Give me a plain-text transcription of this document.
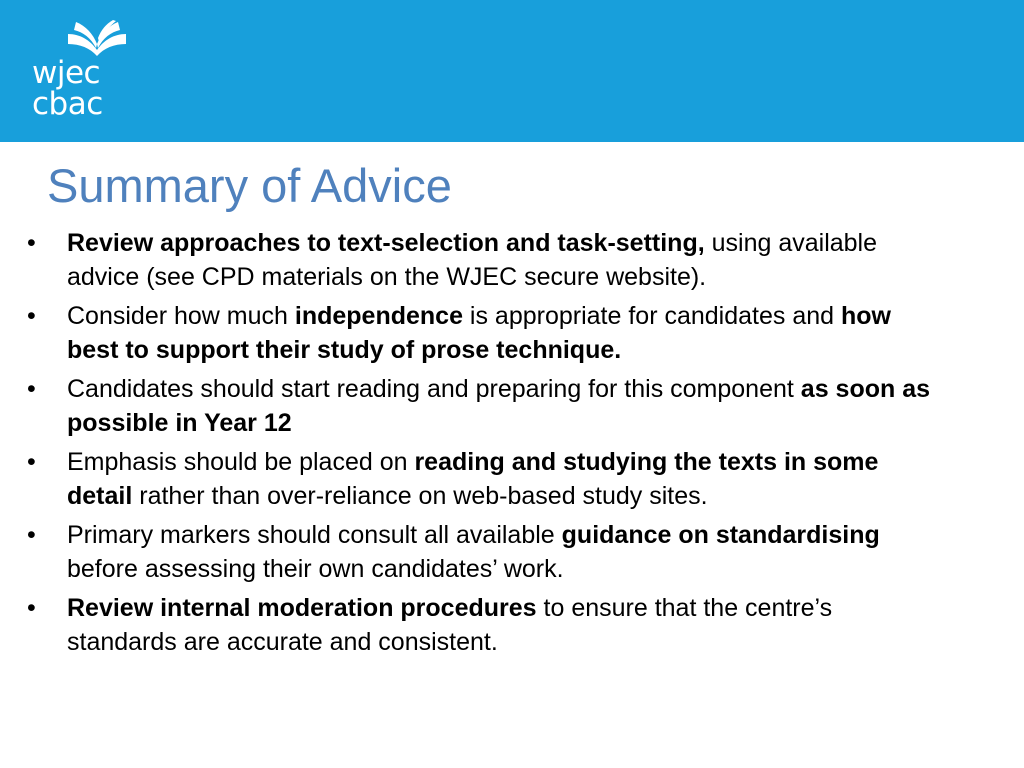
wjec
cbac
Summary of Advice
• Review approaches to text-selection and task-setting, using available advice (see CPD materials on the WJEC secure website).
• Consider how much independence is appropriate for candidates and how best to support their study of prose technique.
• Candidates should start reading and preparing for this component as soon as possible in Year 12
• Emphasis should be placed on reading and studying the texts in some detail rather than over-reliance on web-based study sites.
• Primary markers should consult all available guidance on standardising before assessing their own candidates’ work.
• Review internal moderation procedures to ensure that the centre’s standards are accurate and consistent.
